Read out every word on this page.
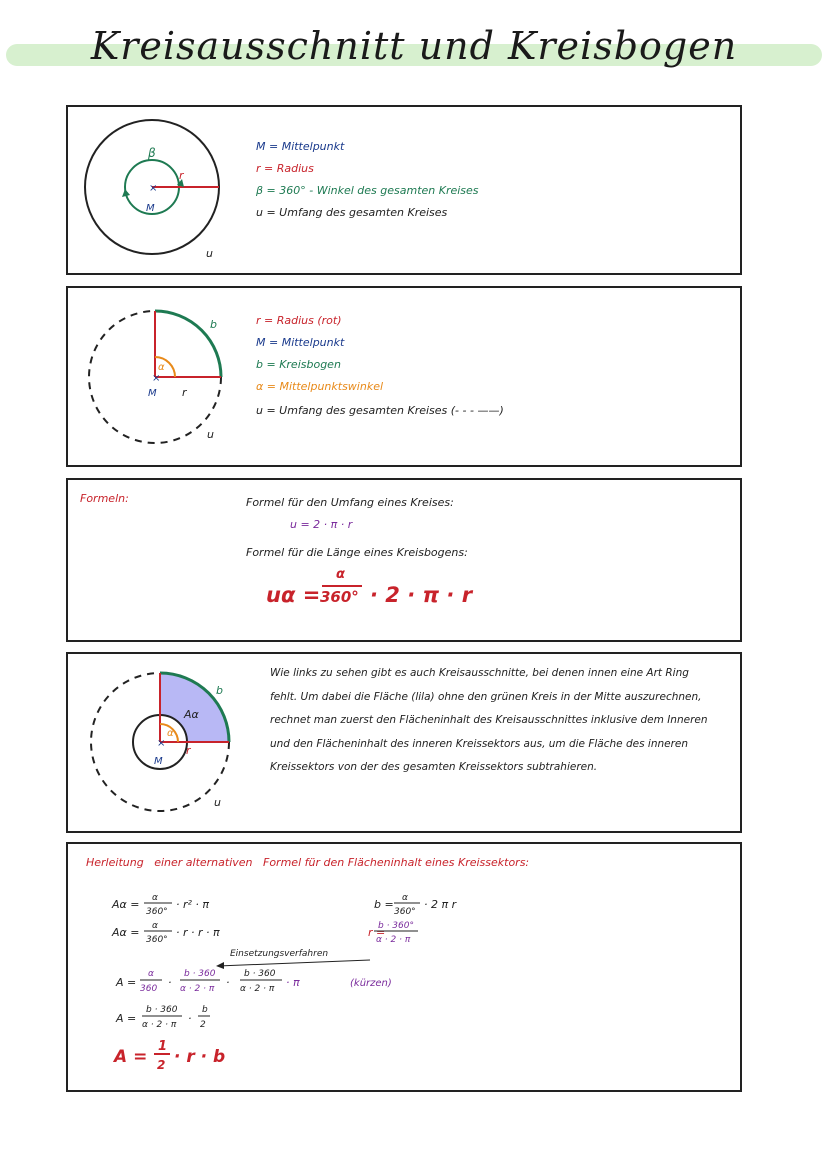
Kreisausschnitt und Kreisbogen
×
β
r
M
u
M = Mittelpunkt
r = Radius
β = 360° - Winkel des gesamten Kreises
u = Umfang des gesamten Kreises
×
b
α
M r
u
r = Radius (rot)
M = Mittelpunkt
b = Kreisbogen
α = Mittelpunktswinkel
u = Umfang des gesamten Kreises (- - - ——)
Formeln:	Formel für den Umfang eines Kreises:
u = 2 · π · r
Formel für die Länge eines Kreisbogens:
uα =
α
360° · 2 · π · r
×
b
Aα
α
M
r
u
Wie links zu sehen gibt es auch Kreisausschnitte, bei denen innen eine Art Ring fehlt. Um dabei die Fläche (lila) ohne den grünen Kreis in der Mitte auszurechnen, rechnet man zuerst den Flächeninhalt des Kreisausschnittes inklusive dem Inneren und den Flächeninhalt des inneren Kreissektors aus, um die Fläche des inneren Kreissektors von der des gesamten Kreissektors subtrahieren.
Herleitung einer alternativen Formel für den Flächeninhalt eines Kreissektors:
Aα = α
360°
· r² · π
Aα = α
360°
· r · r · π
b = α
360°
· 2 π r
r =
b · 360°
α · 2 · π
Einsetzungsverfahren
A =
α
360 ·
b · 360
α · 2 · π ·
b · 360
α · 2 · π · π	(kürzen)
A =
b · 360
α · 2 · π ·
b
2
A =
1
2 · r · b
